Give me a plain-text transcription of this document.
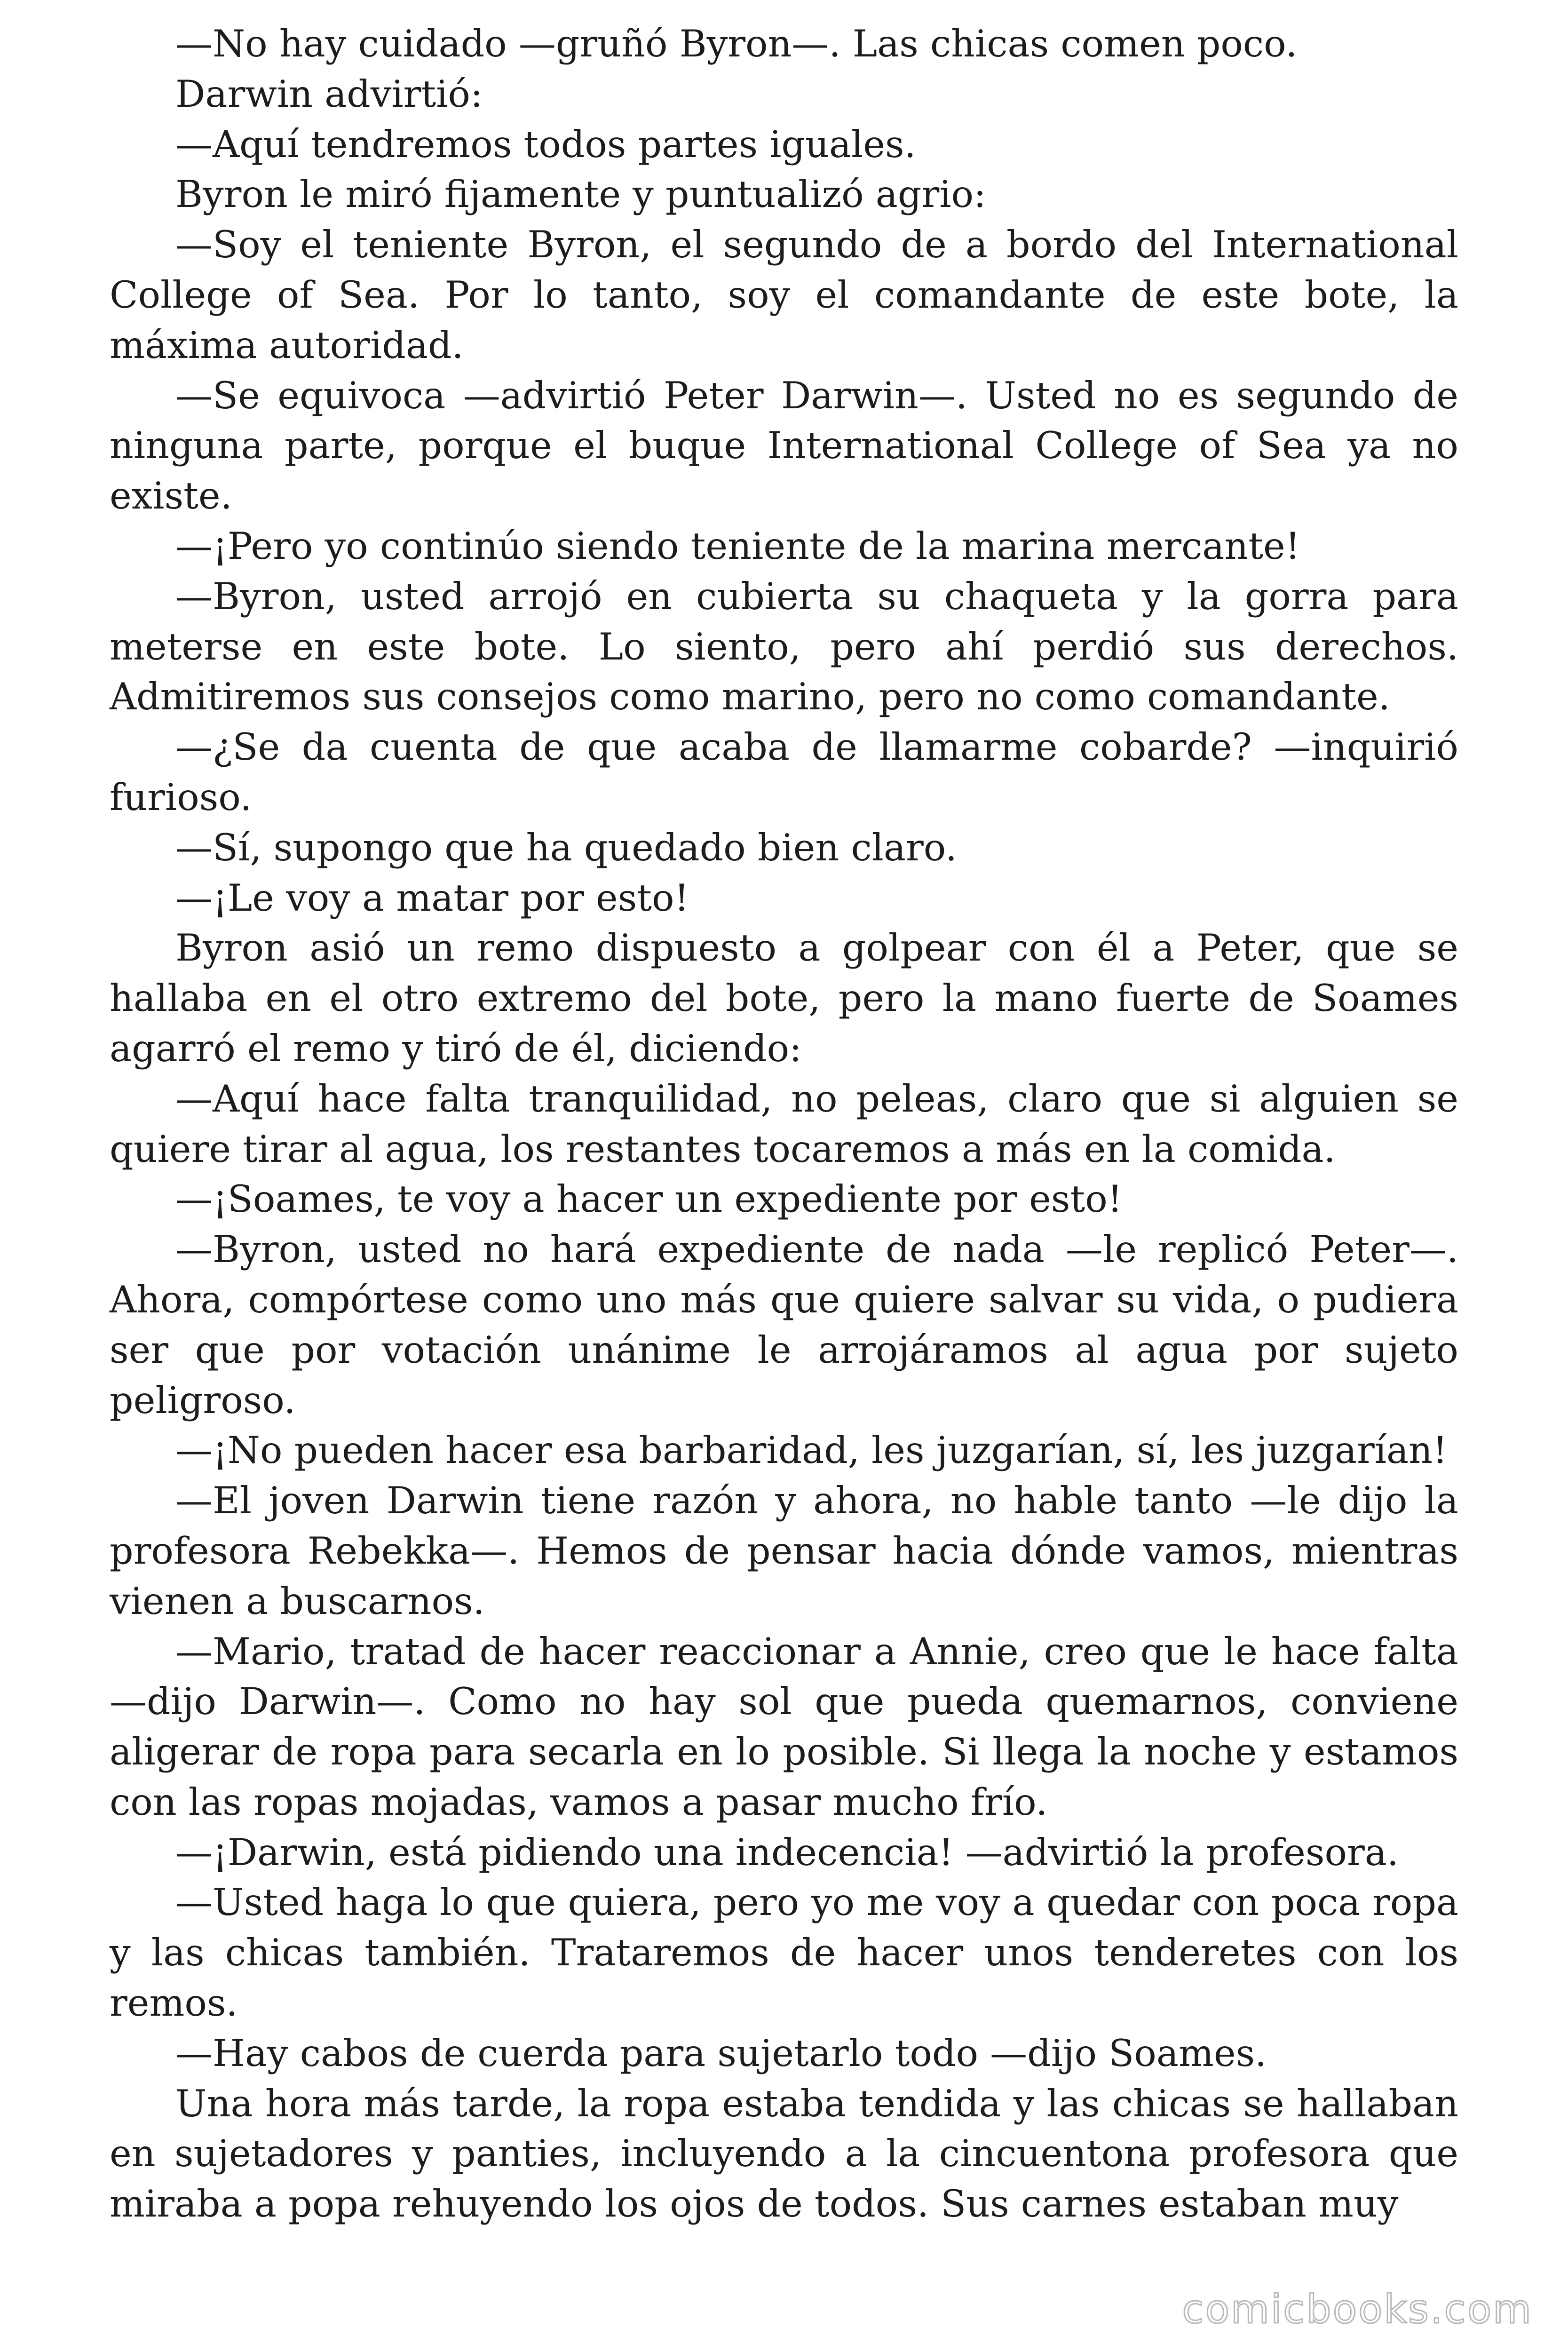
—No hay cuidado —gruñó Byron—. Las chicas comen poco.

Darwin advirtió:

—Aquí tendremos todos partes iguales.

Byron le miró fijamente y puntualizó agrio:

—Soy el teniente Byron, el segundo de a bordo del International College of Sea. Por lo tanto, soy el comandante de este bote, la máxima autoridad.

—Se equivoca —advirtió Peter Darwin—. Usted no es segundo de ninguna parte, porque el buque International College of Sea ya no existe.

—¡Pero yo continúo siendo teniente de la marina mercante!

—Byron, usted arrojó en cubierta su chaqueta y la gorra para meterse en este bote. Lo siento, pero ahí perdió sus derechos. Admitiremos sus consejos como marino, pero no como comandante.

—¿Se da cuenta de que acaba de llamarme cobarde? —inquirió furioso.

—Sí, supongo que ha quedado bien claro.

—¡Le voy a matar por esto!

Byron asió un remo dispuesto a golpear con él a Peter, que se hallaba en el otro extremo del bote, pero la mano fuerte de Soames agarró el remo y tiró de él, diciendo:

—Aquí hace falta tranquilidad, no peleas, claro que si alguien se quiere tirar al agua, los restantes tocaremos a más en la comida.

—¡Soames, te voy a hacer un expediente por esto!

—Byron, usted no hará expediente de nada —le replicó Peter—. Ahora, compórtese como uno más que quiere salvar su vida, o pudiera ser que por votación unánime le arrojáramos al agua por sujeto peligroso.

—¡No pueden hacer esa barbaridad, les juzgarían, sí, les juzgarían!

—El joven Darwin tiene razón y ahora, no hable tanto —le dijo la profesora Rebekka—. Hemos de pensar hacia dónde vamos, mientras vienen a buscarnos.

—Mario, tratad de hacer reaccionar a Annie, creo que le hace falta —dijo Darwin—. Como no hay sol que pueda quemarnos, conviene aligerar de ropa para secarla en lo posible. Si llega la noche y estamos con las ropas mojadas, vamos a pasar mucho frío.

—¡Darwin, está pidiendo una indecencia! —advirtió la profesora.

—Usted haga lo que quiera, pero yo me voy a quedar con poca ropa y las chicas también. Trataremos de hacer unos tenderetes con los remos.

—Hay cabos de cuerda para sujetarlo todo —dijo Soames.

Una hora más tarde, la ropa estaba tendida y las chicas se hallaban en sujetadores y panties, incluyendo a la cincuentona profesora que miraba a popa rehuyendo los ojos de todos. Sus carnes estaban muy

comicbooks.com
